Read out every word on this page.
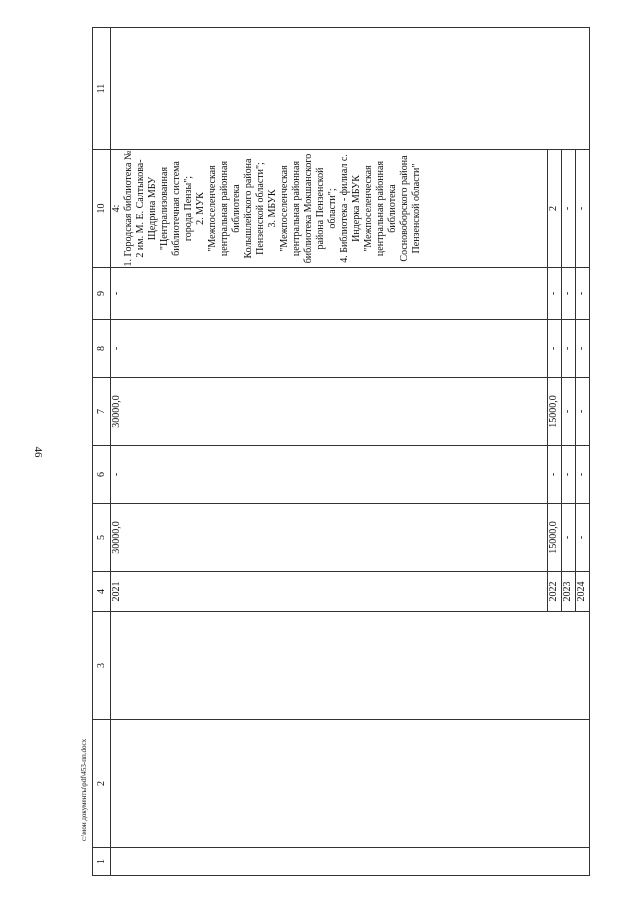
46
c:\мои документы\pdf\453-пп.docx
1	2	3	4	5	6	7	8	9	10	11
			2021	30000,0	-	30000,0	-	-	4:
1. Городская библиотека № 2 им. М. Е. Салтыкова-Щедрина МБУ "Централизованная библиотечная система города Пензы";
2. МУК "Межпоселенческая центральная районная библиотека Колышлейского района Пензенской области";
3. МБУК "Межпоселенческая центральная районная библиотека Мокшанского района Пензенской области";
4. Библиотека - филиал с. Индерка МБУК "Межпоселенческая центральная районная библиотека Сосновоборского района Пензенской области"	
			2022	15000,0	-	15000,0	-	-	2	
			2023	-	-	-	-	-	-	
			2024	-	-	-	-	-	-	
